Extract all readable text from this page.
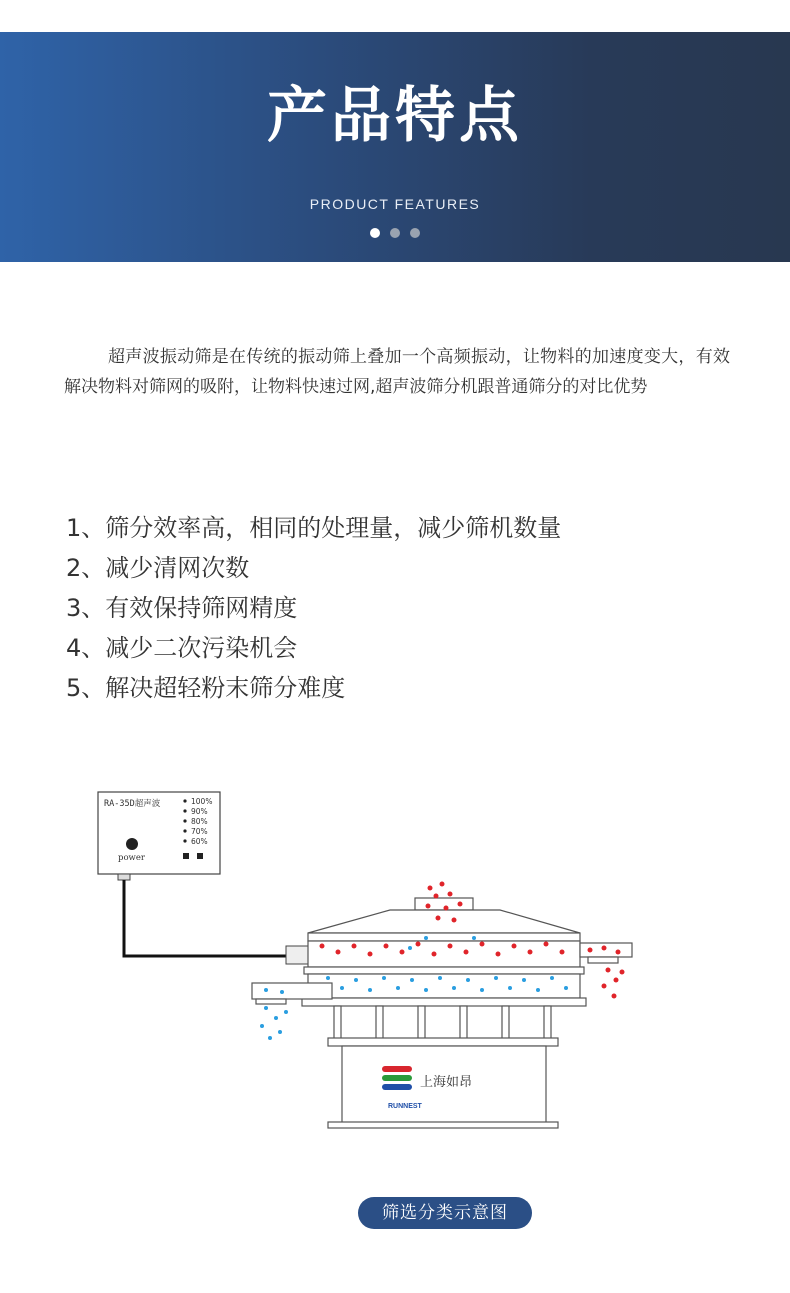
产品特点
PRODUCT FEATURES

超声波振动筛是在传统的振动筛上叠加一个高频振动，让物料的加速度变大，有效解决物料对筛网的吸附，让物料快速过网,超声波筛分机跟普通筛分的对比优势

1、筛分效率高，相同的处理量，减少筛机数量
2、减少清网次数
3、有效保持筛网精度
4、减少二次污染机会
5、解决超轻粉末筛分难度
RA-35D超声波
power
100%
90%
80%
70%
60%
RUNNEST
上海如昂
筛选分类示意图
